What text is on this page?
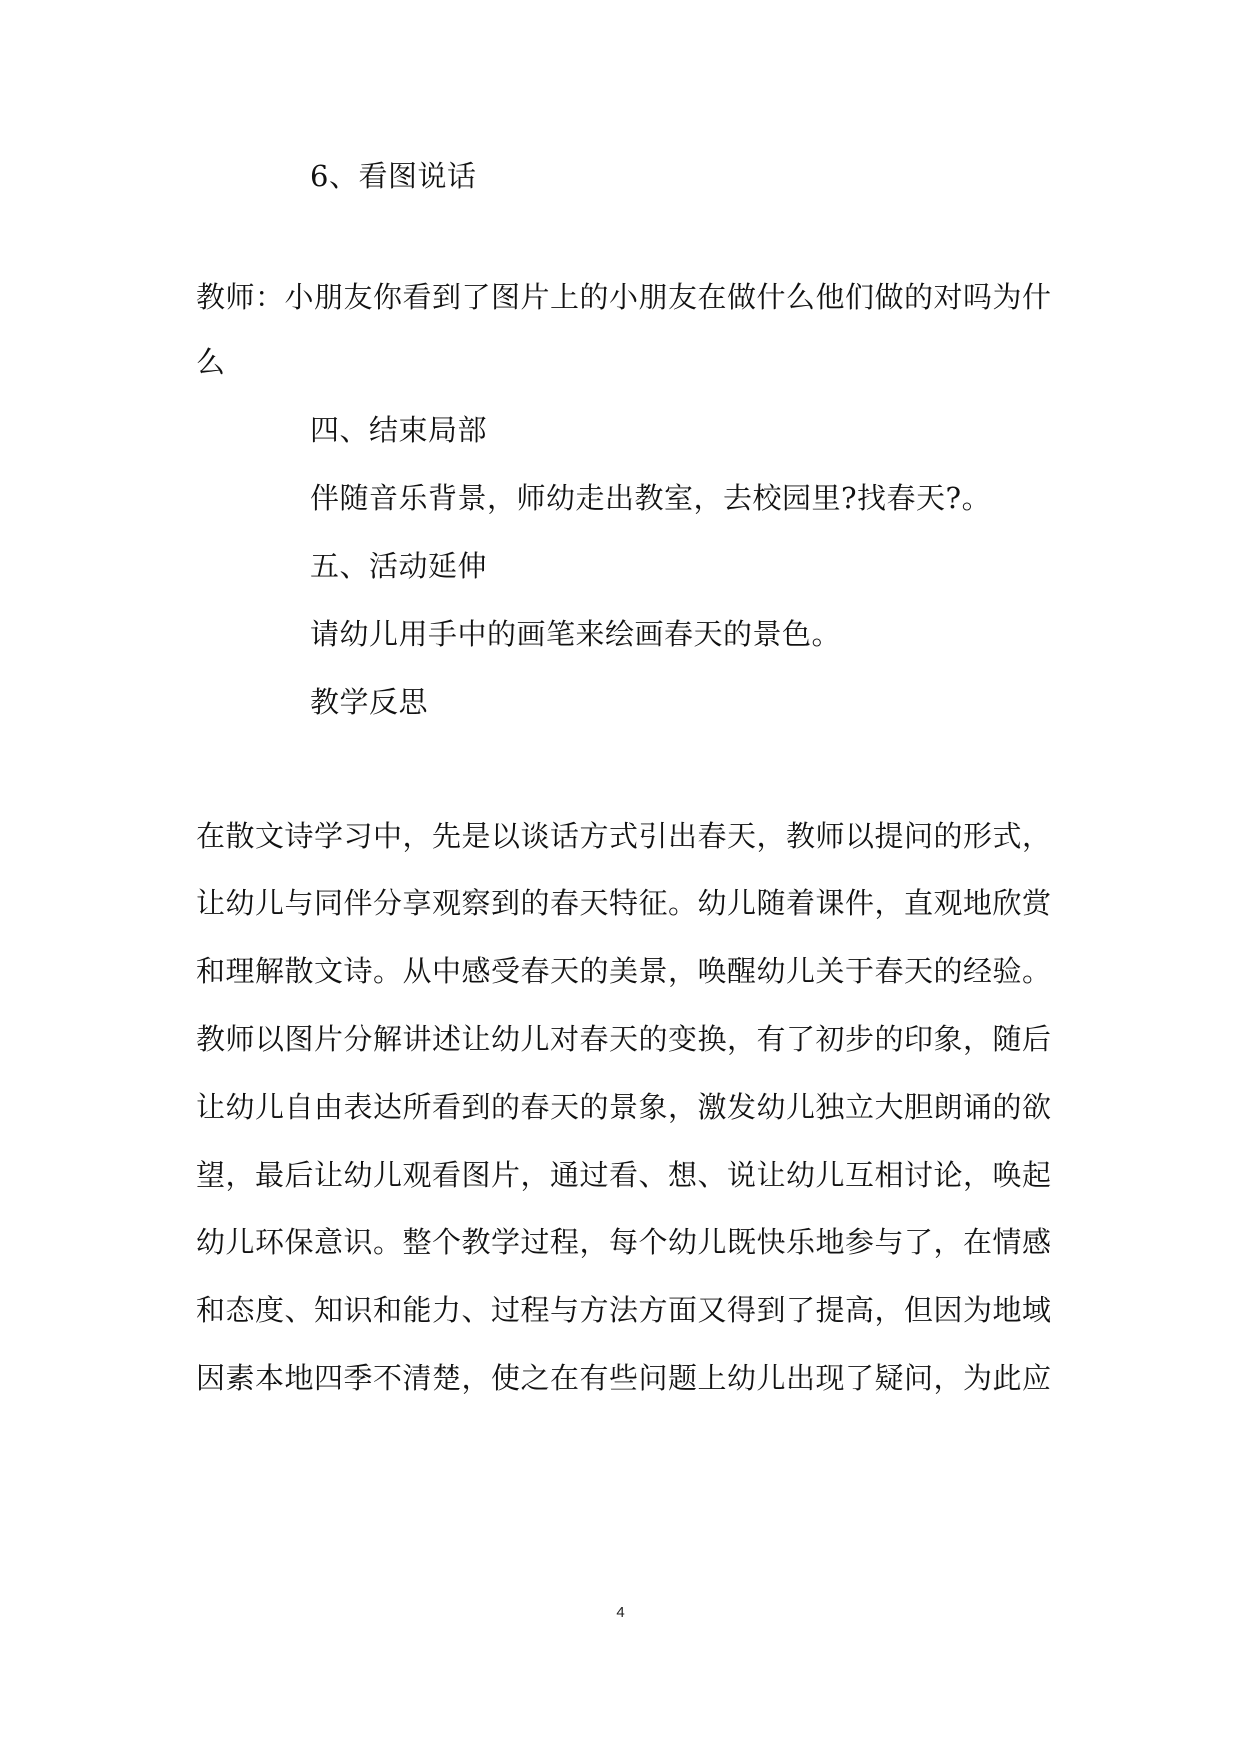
6、看图说话
教师：小朋友你看到了图片上的小朋友在做什么他们做的对吗为什
么
四、结束局部
伴随音乐背景，师幼走出教室，去校园里?找春天?。
五、活动延伸
请幼儿用手中的画笔来绘画春天的景色。
教学反思
在散文诗学习中，先是以谈话方式引出春天，教师以提问的形式，
让幼儿与同伴分享观察到的春天特征。幼儿随着课件，直观地欣赏
和理解散文诗。从中感受春天的美景，唤醒幼儿关于春天的经验。
教师以图片分解讲述让幼儿对春天的变换，有了初步的印象，随后
让幼儿自由表达所看到的春天的景象，激发幼儿独立大胆朗诵的欲
望，最后让幼儿观看图片，通过看、想、说让幼儿互相讨论，唤起
幼儿环保意识。整个教学过程，每个幼儿既快乐地参与了，在情感
和态度、知识和能力、过程与方法方面又得到了提高，但因为地域
因素本地四季不清楚，使之在有些问题上幼儿出现了疑问，为此应
4
